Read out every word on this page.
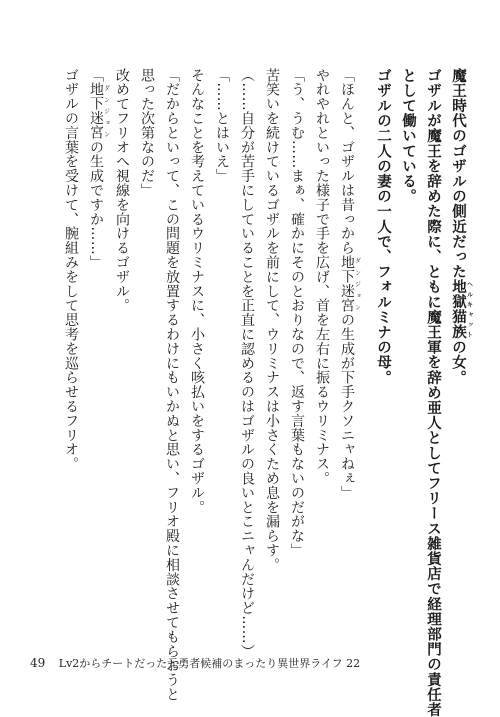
魔王時代のゴザルの側近だった地獄猫族 ヘルキャットの女。
ゴザルが魔王を辞めた際に、ともに魔王軍を辞め亜人としてフリース雑貨店で経理部門の責任者
として働いている。
ゴザルの二人の妻の一人で、フォルミナの母。
「ほんと、ゴザルは昔っから地下迷宮ダンジョンの生成が下手クソニャねぇ」
やれやれといった様子で手を広げ、首を左右に振るウリミナス。
「う、うむ……まぁ、確かにそのとおりなので、返す言葉もないのだがな」
苦笑いを続けているゴザルを前にして、ウリミナスは小さくため息を漏らす。
（……自分が苦手にしていることを正直に認めるのはゴザルの良いとこニャんだけど……）
「……とはいえ」
そんなことを考えているウリミナスに、小さく咳払いをするゴザル。
「だからといって、この問題を放置するわけにもいかぬと思い、フリオ殿に相談させてもらおうと
思った次第なのだ」
改めてフリオへ視線を向けるゴザル。
「地下迷宮ダンジョンの生成ですか……」
ゴザルの言葉を受けて、腕組みをして思考を巡らせるフリオ。
49 Lv2からチートだった元勇者候補のまったり異世界ライフ 22
